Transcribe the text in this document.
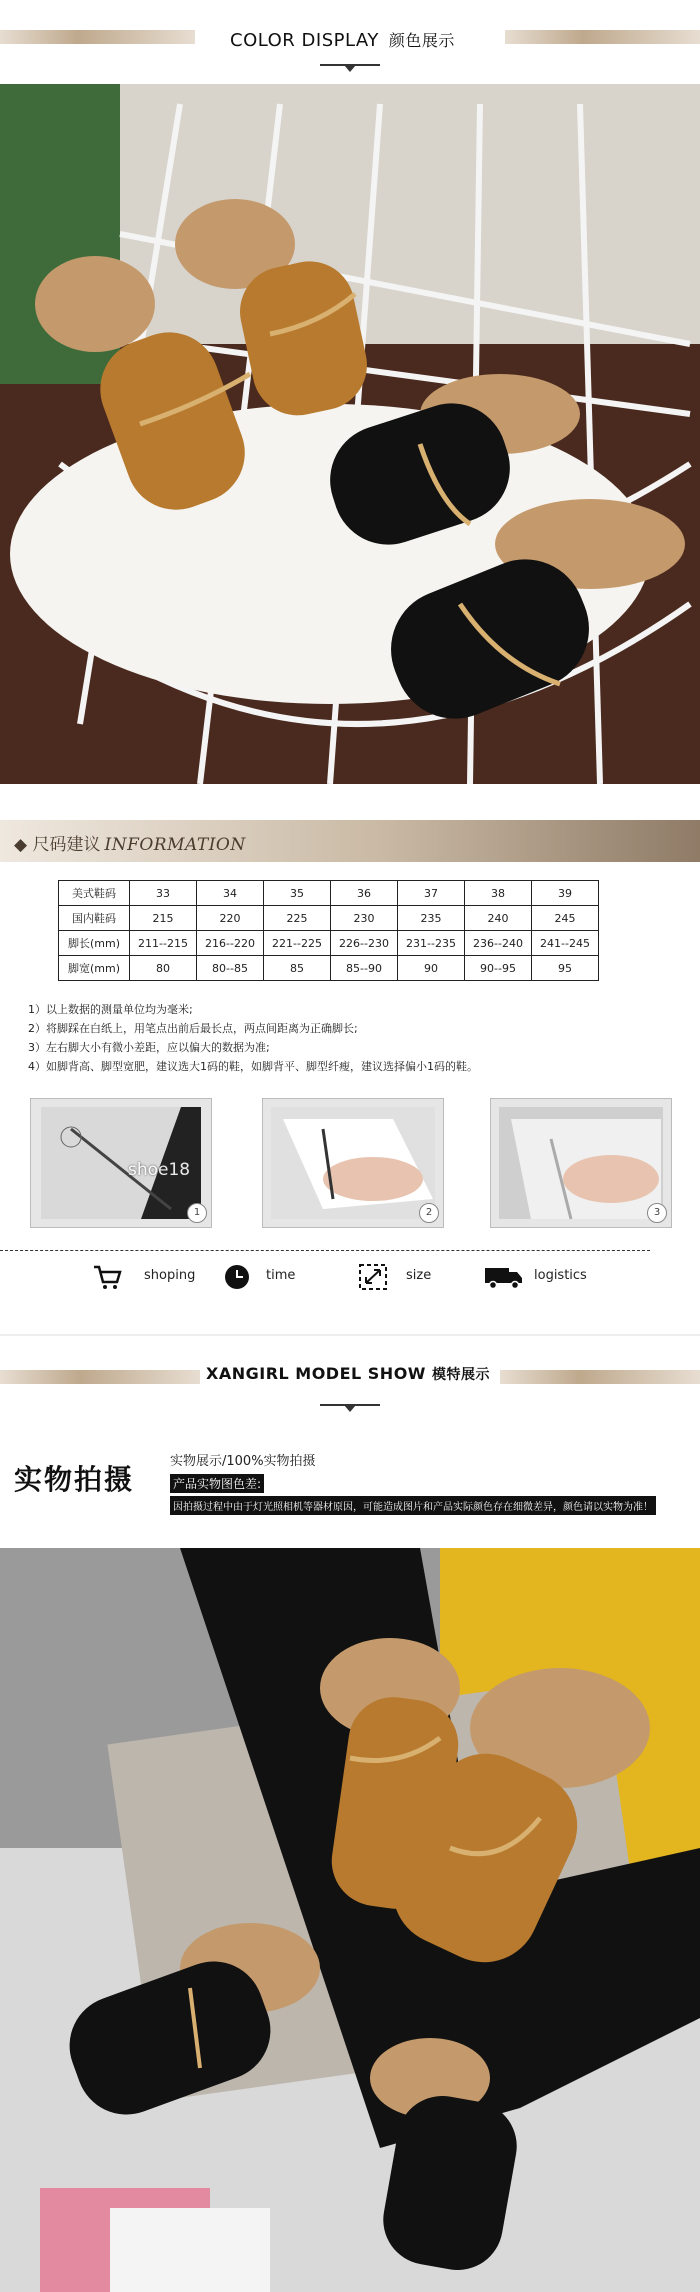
COLOR DISPLAY 颜色展示
◆ 尺码建议 INFORMATION
美式鞋码	33	34	35	36	37	38	39
国内鞋码	215	220	225	230	235	240	245
脚长(mm)	211--215	216--220	221--225	226--230	231--235	236--240	241--245
脚宽(mm)	80	80--85	85	85--90	90	90--95	95
1）以上数据的测量单位均为毫米;
2）将脚踩在白纸上，用笔点出前后最长点，两点间距离为正确脚长;
3）左右脚大小有微小差距，应以偏大的数据为准;
4）如脚背高、脚型宽肥，建议选大1码的鞋，如脚背平、脚型纤瘦，建议选择偏小1码的鞋。
1
shoe18
2	3
shoping	time	size	logistics
XANGIRL MODEL SHOW 模特展示
实物拍摄
实物展示/100%实物拍摄
产品实物图色差:
因拍摄过程中由于灯光照相机等器材原因，可能造成图片和产品实际颜色存在细微差异，颜色请以实物为准！
